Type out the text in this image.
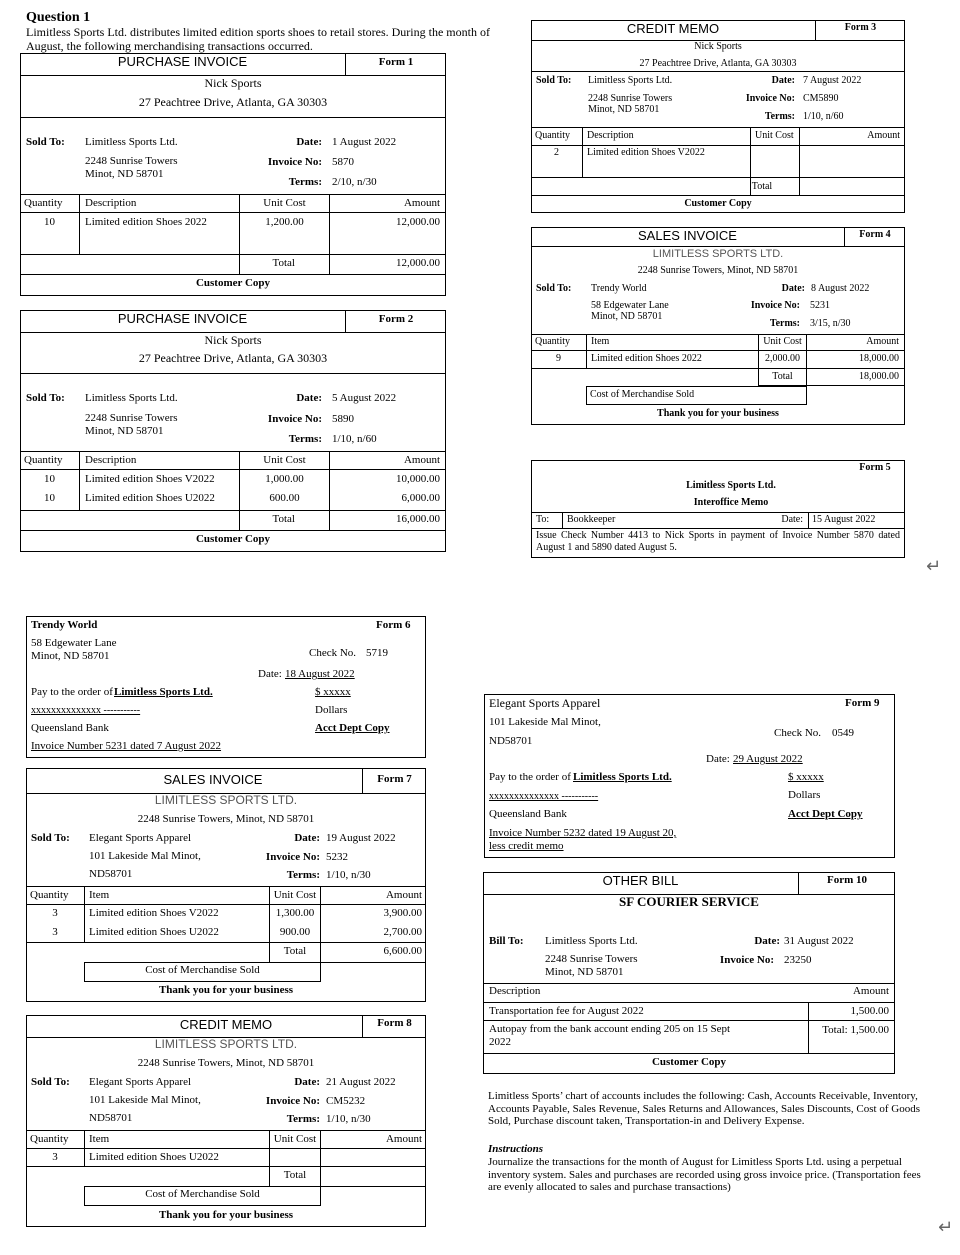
Question 1
Limitless Sports Ltd. distributes limited edition sports shoes to retail stores. During the month of
August, the following merchandising transactions occurred.
PURCHASE INVOICE	Form 1
Nick Sports
27 Peachtree Drive, Atlanta, GA 30303
Sold To: Limitless Sports Ltd.
2248 Sunrise Towers
Minot, ND 58701
Date: 1 August 2022
Invoice No: 5870
Terms: 2/10, n/30
Quantity Description	Unit Cost	Amount
10	Limited edition Shoes 2022	1,200.00	12,000.00
Total	12,000.00
Customer Copy
PURCHASE INVOICE	Form 2
Nick Sports
27 Peachtree Drive, Atlanta, GA 30303
Sold To: Limitless Sports Ltd.
2248 Sunrise Towers
Minot, ND 58701
Date: 5 August 2022
Invoice No: 5890
Terms: 1/10, n/60
Quantity Description	Unit Cost	Amount
10	Limited edition Shoes V2022	1,000.00	10,000.00
10	Limited edition Shoes U2022	600.00	6,000.00
Total	16,000.00
Customer Copy
CREDIT MEMO	Form 3
Nick Sports
27 Peachtree Drive, Atlanta, GA 30303
Sold To: Limitless Sports Ltd.
2248 Sunrise Towers
Minot, ND 58701
Date: 7 August 2022
Invoice No: CM5890
Terms: 1/10, n/60
Quantity Description	Unit Cost	Amount
2	Limited edition Shoes V2022
Total
Customer Copy
SALES INVOICE	Form 4
LIMITLESS SPORTS LTD.
2248 Sunrise Towers, Minot, ND 58701
Sold To: Trendy World
58 Edgewater Lane
Minot, ND 58701
Date: 8 August 2022
Invoice No: 5231
Terms: 3/15, n/30
Quantity Item	Unit Cost	Amount
9	Limited edition Shoes 2022	2,000.00	18,000.00
Total	18,000.00
Cost of Merchandise Sold
Thank you for your business
Form 5
Limitless Sports Ltd.
Interoffice Memo
To: Bookkeeper	Date: 15 August 2022
Issue Check Number 4413 to Nick Sports in payment of Invoice Number 5870 dated August 1 and 5890 dated August 5.
↵
Trendy World	Form 6
58 Edgewater Lane
Minot, ND 58701	Check No. 5719
Date: 18 August 2022
Pay to the order of Limitless Sports Ltd.	$ xxxxx
xxxxxxxxxxxxxx -----------	Dollars
Queensland Bank	Acct Dept Copy
Invoice Number 5231 dated 7 August 2022
SALES INVOICE	Form 7
LIMITLESS SPORTS LTD.
2248 Sunrise Towers, Minot, ND 58701
Sold To: Elegant Sports Apparel
101 Lakeside Mal Minot,
ND58701
Date: 19 August 2022
Invoice No: 5232
Terms: 1/10, n/30
Quantity Item	Unit Cost	Amount
3	Limited edition Shoes V2022	1,300.00	3,900.00
3	Limited edition Shoes U2022	900.00	2,700.00
Total	6,600.00
Cost of Merchandise Sold
Thank you for your business
CREDIT MEMO	Form 8
LIMITLESS SPORTS LTD.
2248 Sunrise Towers, Minot, ND 58701
Sold To: Elegant Sports Apparel
101 Lakeside Mal Minot,
ND58701
Date: 21 August 2022
Invoice No: CM5232
Terms: 1/10, n/30
Quantity Item	Unit Cost	Amount
3	Limited edition Shoes U2022
Total
Cost of Merchandise Sold
Thank you for your business
Elegant Sports Apparel	Form 9
101 Lakeside Mal Minot,
ND58701
Check No. 0549
Date: 29 August 2022
Pay to the order of Limitless Sports Ltd.	$ xxxxx
xxxxxxxxxxxxxx -----------	Dollars
Queensland Bank	Acct Dept Copy
Invoice Number 5232 dated 19 August 20,
less credit memo
OTHER BILL	Form 10
SF COURIER SERVICE
Bill To: Limitless Sports Ltd.
2248 Sunrise Towers
Minot, ND 58701
Date: 31 August 2022
Invoice No: 23250
Description	Amount
Transportation fee for August 2022	1,500.00
Autopay from the bank account ending 205 on 15 Sept 2022
Total: 1,500.00
Customer Copy
Limitless Sports’ chart of accounts includes the following: Cash, Accounts Receivable, Inventory, Accounts Payable, Sales Revenue, Sales Returns and Allowances, Sales Discounts, Cost of Goods Sold, Purchase discount taken, Transportation-in and Delivery Expense.
Instructions
Journalize the transactions for the month of August for Limitless Sports Ltd. using a perpetual inventory system. Sales and purchases are recorded using gross invoice price. (Transportation fees are evenly allocated to sales and purchase transactions)
↵
